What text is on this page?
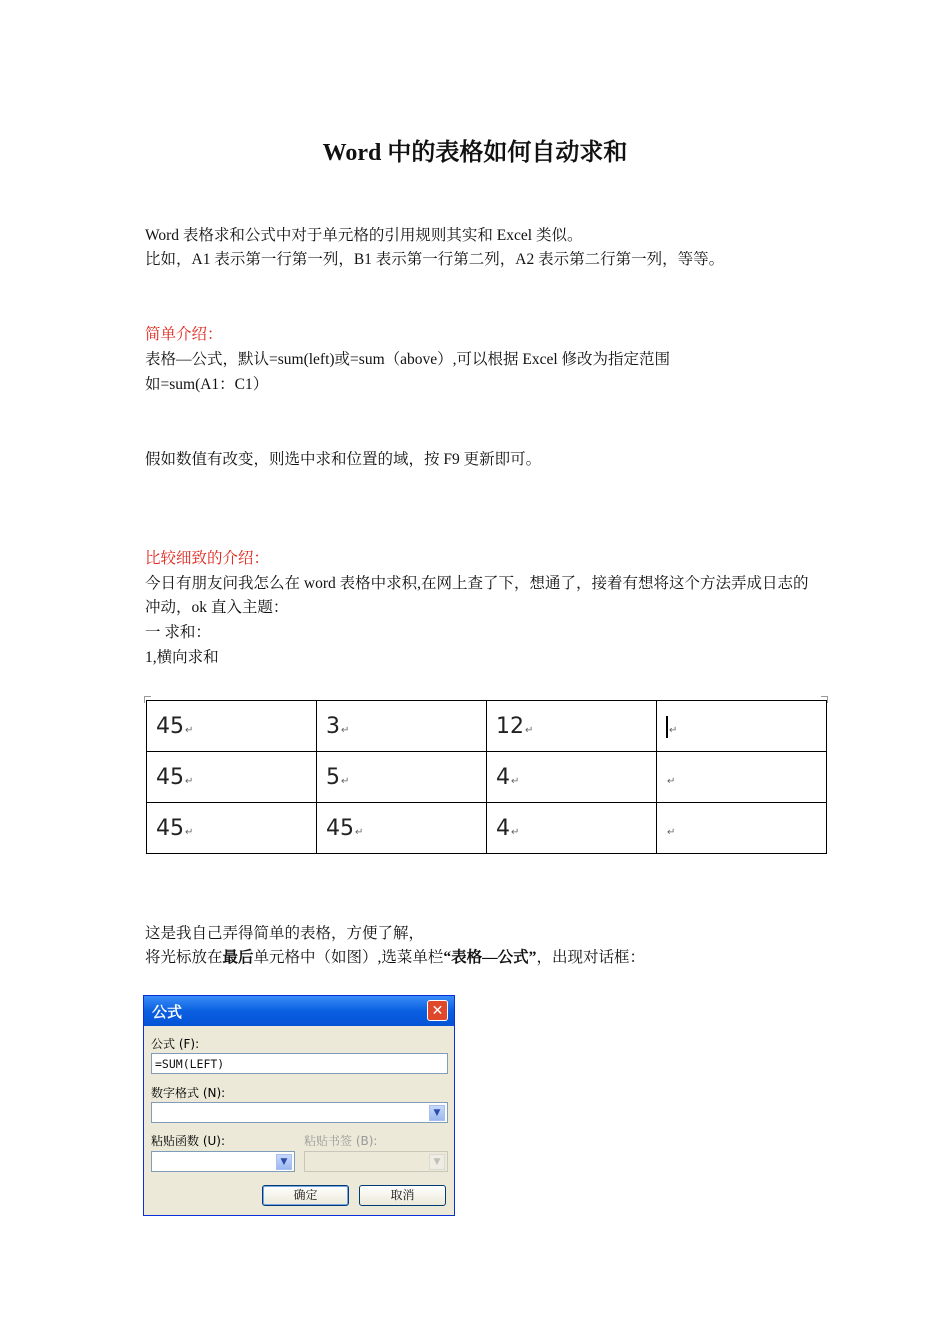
Word 中的表格如何自动求和
Word 表格求和公式中对于单元格的引用规则其实和 Excel 类似。
比如，A1 表示第一行第一列，B1 表示第一行第二列，A2 表示第二行第一列，等等。
简单介绍：
表格—公式，默认=sum(left)或=sum（above）,可以根据 Excel 修改为指定范围
如=sum(A1：C1）
假如数值有改变，则选中求和位置的域，按 F9 更新即可。
比较细致的介绍：
今日有朋友问我怎么在 word 表格中求积,在网上查了下，想通了，接着有想将这个方法弄成日志的冲动，ok 直入主题：
一 求和：
1,横向求和
45↵	3↵	12↵	↵
45↵	5↵	4↵	↵
45↵	45↵	4↵	↵
这是我自己弄得简单的表格，方便了解，
将光标放在最后单元格中（如图）,选菜单栏“表格—公式”，出现对话框：
公式	✕
公式 (F):
=SUM(LEFT)
数字格式 (N):
▼
粘贴函数 (U):
▼
粘贴书签 (B):
▼
确定	取消
